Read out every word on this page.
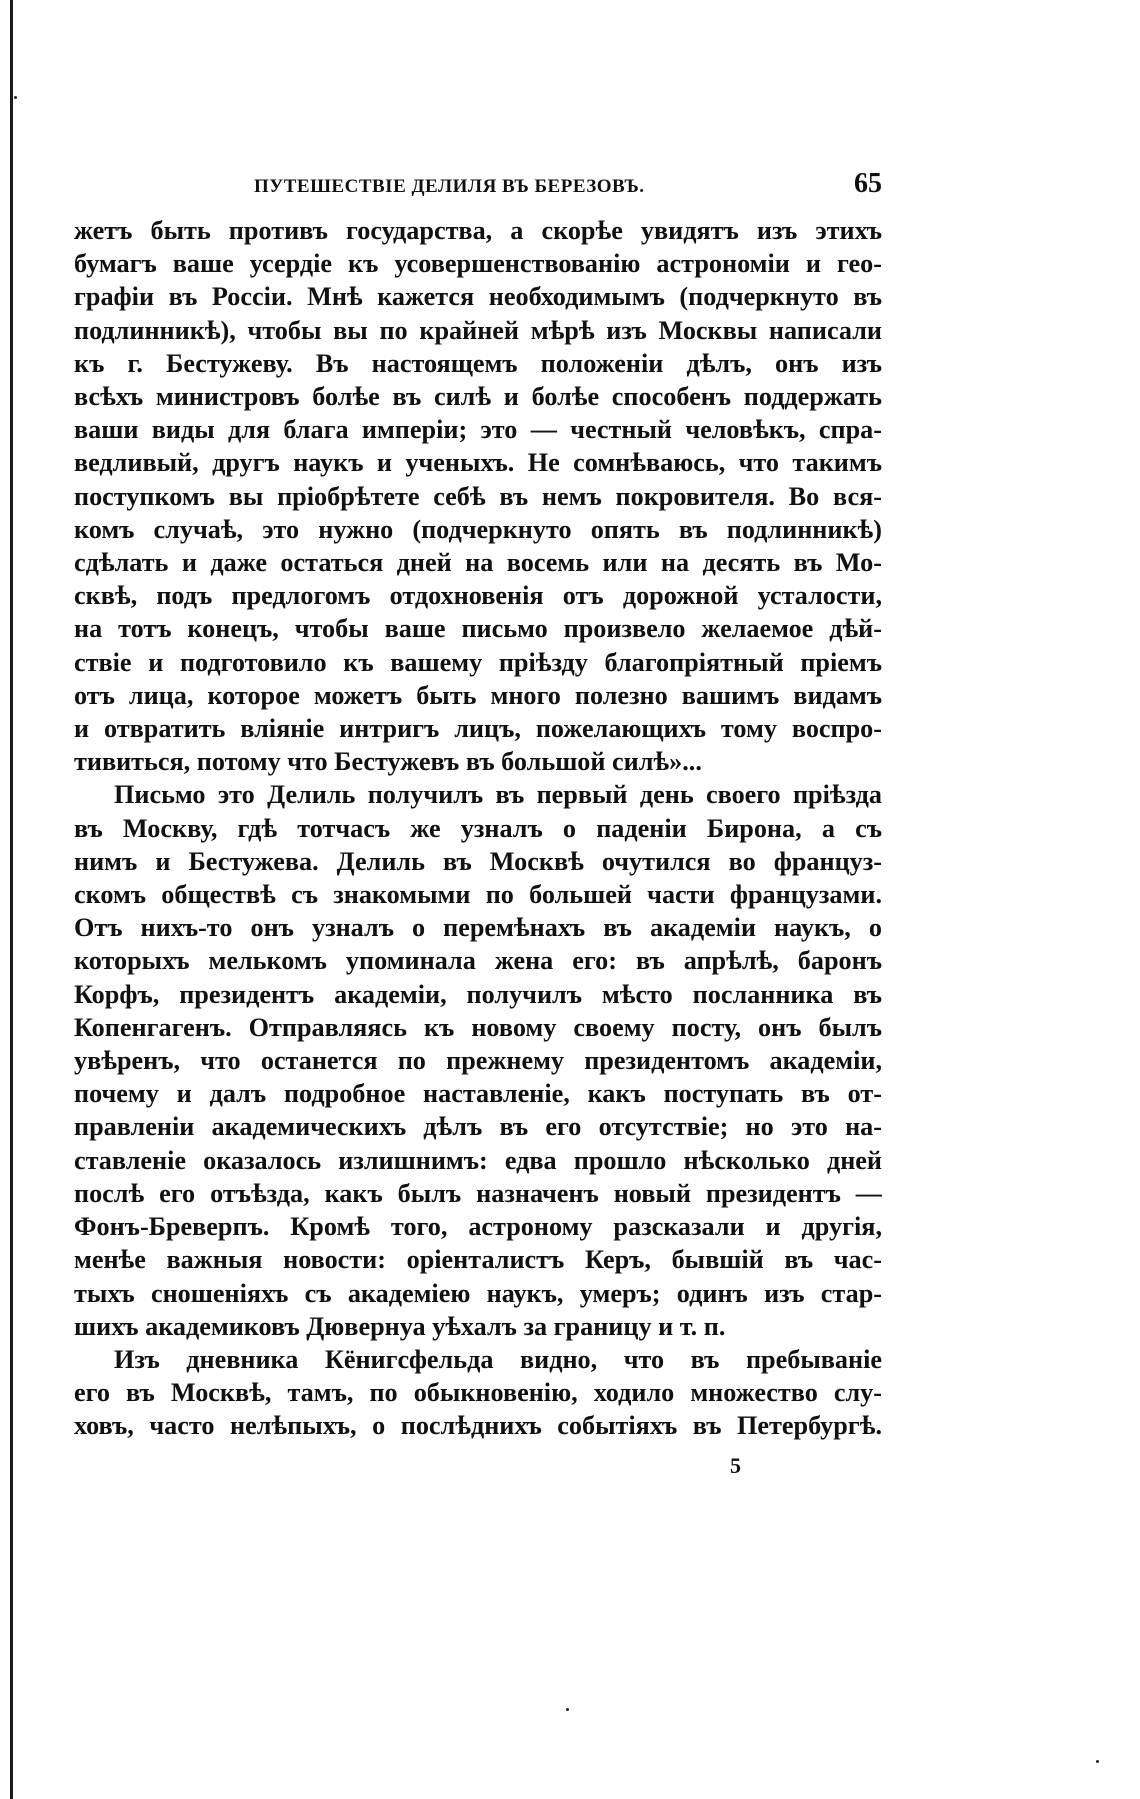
ПУТЕШЕСТВІЕ ДЕЛИЛЯ ВЪ БЕРЕЗОВЪ.	65
жетъ быть противъ государства, а скорѣе увидятъ изъ этихъ
бумагъ ваше усердіе къ усовершенствованію астрономіи и гео-
графіи въ Россіи. Мнѣ кажется необходимымъ (подчеркнуто въ
подлинникѣ), чтобы вы по крайней мѣрѣ изъ Москвы написали
къ г. Бестужеву. Въ настоящемъ положеніи дѣлъ, онъ изъ
всѣхъ министровъ болѣе въ силѣ и болѣе способенъ поддержать
ваши виды для блага имперіи; это — честный человѣкъ, спра-
ведливый, другъ наукъ и ученыхъ. Не сомнѣваюсь, что такимъ
поступкомъ вы пріобрѣтете себѣ въ немъ покровителя. Во вся-
комъ случаѣ, это нужно (подчеркнуто опять въ подлинникѣ)
сдѣлать и даже остаться дней на восемь или на десять въ Мо-
сквѣ, подъ предлогомъ отдохновенія отъ дорожной усталости,
на тотъ конецъ, чтобы ваше письмо произвело желаемое дѣй-
ствіе и подготовило къ вашему пріѣзду благопріятный пріемъ
отъ лица, которое можетъ быть много полезно вашимъ видамъ
и отвратить вліяніе интригъ лицъ, пожелающихъ тому воспро-
тивиться, потому что Бестужевъ въ большой силѣ»...
Письмо это Делиль получилъ въ первый день своего пріѣзда
въ Москву, гдѣ тотчасъ же узналъ о паденіи Бирона, а съ
нимъ и Бестужева. Делиль въ Москвѣ очутился во француз-
скомъ обществѣ съ знакомыми по большей части французами.
Отъ нихъ-то онъ узналъ о перемѣнахъ въ академіи наукъ, о
которыхъ мелькомъ упоминала жена его: въ апрѣлѣ, баронъ
Корфъ, президентъ академіи, получилъ мѣсто посланника въ
Копенгагенъ. Отправляясь къ новому своему посту, онъ былъ
увѣренъ, что останется по прежнему президентомъ академіи,
почему и далъ подробное наставленіе, какъ поступать въ от-
правленіи академическихъ дѣлъ въ его отсутствіе; но это на-
ставленіе оказалось излишнимъ: едва прошло нѣсколько дней
послѣ его отъѣзда, какъ былъ назначенъ новый президентъ —
Фонъ-Бреверпъ. Кромѣ того, астроному разсказали и другія,
менѣе важныя новости: оріенталистъ Керъ, бывшій въ час-
тыхъ сношеніяхъ съ академіею наукъ, умеръ; одинъ изъ стар-
шихъ академиковъ Дювернуа уѣхалъ за границу и т. п.
Изъ дневника Кёнигсфельда видно, что въ пребываніе
его въ Москвѣ, тамъ, по обыкновенію, ходило множество слу-
ховъ, часто нелѣпыхъ, о послѣднихъ событіяхъ въ Петербургѣ.
5
